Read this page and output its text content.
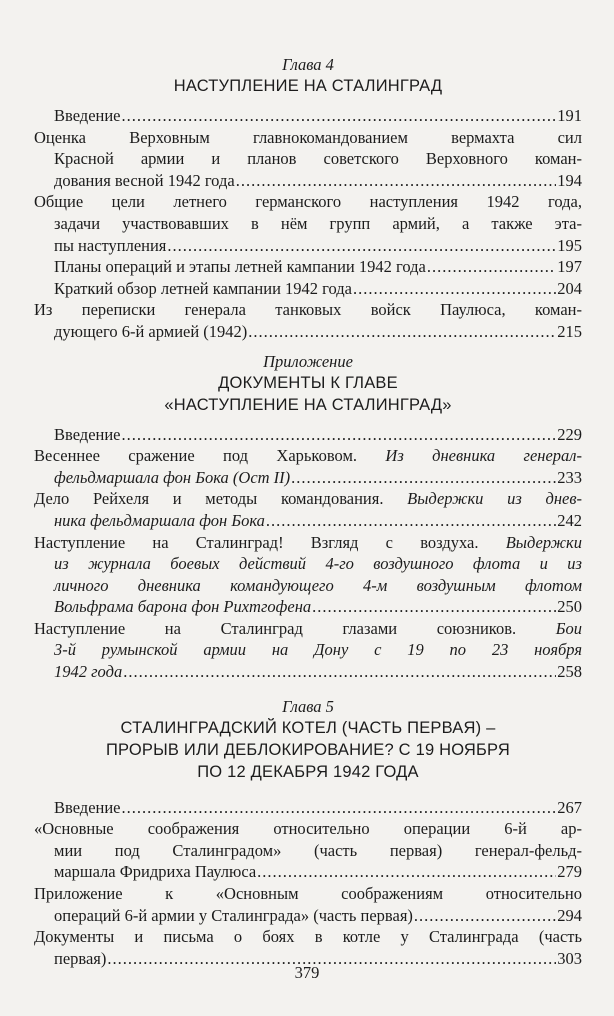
Глава 4
НАСТУПЛЕНИЕ НА СТАЛИНГРАД
Введение .....	191
Оценка Верховным главнокомандованием вермахта сил
Красной армии и планов советского Верховного коман-
дования весной 1942 года .....	194
Общие цели летнего германского наступления 1942 года,
задачи участвовавших в нём групп армий, а также эта-
пы наступления .....	195
Планы операций и этапы летней кампании 1942 года .....	197
Краткий обзор летней кампании 1942 года .....	204
Из переписки генерала танковых войск Паулюса, коман-
дующего 6-й армией (1942) .....	215
Приложение
ДОКУМЕНТЫ К ГЛАВЕ
«НАСТУПЛЕНИЕ НА СТАЛИНГРАД»
Введение .....	229
Весеннее сражение под Харьковом. Из дневника генерал-
фельдмаршала фон Бока (Ост II) .....	233
Дело Рейхеля и методы командования. Выдержки из днев-
ника фельдмаршала фон Бока .....	242
Наступление на Сталинград! Взгляд с воздуха. Выдержки
из журнала боевых действий 4-го воздушного флота и из
личного дневника командующего 4-м воздушным флотом
Вольфрама барона фон Рихтгофена .....	250
Наступление на Сталинград глазами союзников. Бои
3-й румынской армии на Дону с 19 по 23 ноября
1942 года .....	258
Глава 5
СТАЛИНГРАДСКИЙ КОТЕЛ (ЧАСТЬ ПЕРВАЯ) –
ПРОРЫВ ИЛИ ДЕБЛОКИРОВАНИЕ? С 19 НОЯБРЯ
ПО 12 ДЕКАБРЯ 1942 ГОДА
Введение .....	267
«Основные соображения относительно операции 6-й ар-
мии под Сталинградом» (часть первая) генерал-фельд-
маршала Фридриха Паулюса .....	279
Приложение к «Основным соображениям относительно
операций 6-й армии у Сталинграда» (часть первая) .....	294
Документы и письма о боях в котле у Сталинграда (часть
первая) .....	303
379
